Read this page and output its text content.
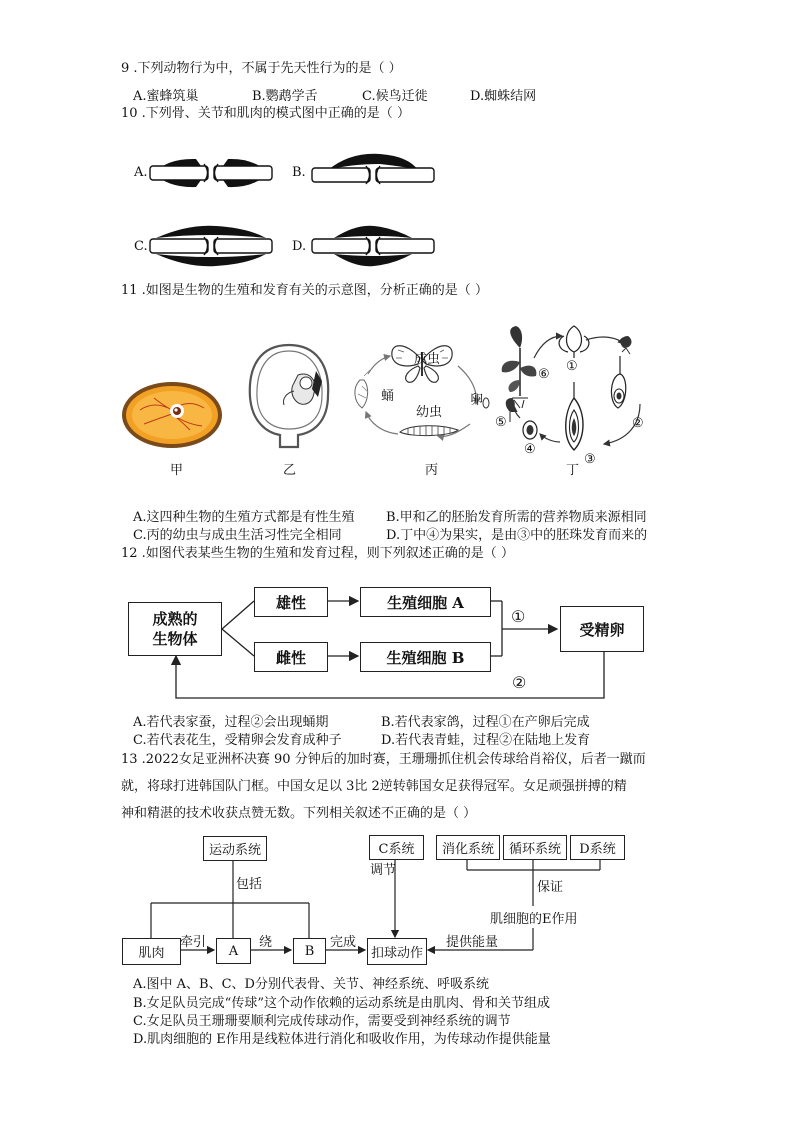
9 .下列动物行为中，不属于先天性行为的是（ ）
A.蜜蜂筑巢	B.鹦鹉学舌	C.候鸟迁徙	D.蜘蛛结网
10 .下列骨、关节和肌肉的模式图中正确的是（ ）
A.	B.
C.	D.
11 .如图是生物的生殖和发育有关的示意图，分析正确的是（ ）
甲	乙
成虫
蛹	卵
幼虫
丙
①
②
③
④
⑤
⑥
丁
A.这四种生物的生殖方式都是有性生殖 B.甲和乙的胚胎发育所需的营养物质来源相同
C.丙的幼虫与成虫生活习性完全相同	D.丁中④为果实，是由③中的胚珠发育而来的
12 .如图代表某些生物的生殖和发育过程，则下列叙述正确的是（ ）
成熟的
生物体
雄性
雌性
生殖细胞 A
生殖细胞 B
受精卵
①
②
A.若代表家蚕，过程②会出现蛹期	B.若代表家鸽，过程①在产卵后完成
C.若代表花生，受精卵会发育成种子	D.若代表青蛙，过程②在陆地上发育
13 .2022女足亚洲杯决赛 90 分钟后的加时赛，王珊珊抓住机会传球给肖裕仪，后者一蹴而
就，将球打进韩国队门框。中国女足以 3比 2逆转韩国女足获得冠军。女足顽强拼搏的精
神和精湛的技术收获点赞无数。下列相关叙述不正确的是（ ）
运动系统
包括
肌肉
牵引
A
绕
B
完成
扣球动作
C系统
调节
消化系统 循环系统 D系统
保证
肌细胞的E作用
提供能量
A.图中 A、B、C、D分别代表骨、关节、神经系统、呼吸系统
B.女足队员完成“传球”这个动作依赖的运动系统是由肌肉、骨和关节组成
C.女足队员王珊珊要顺利完成传球动作，需要受到神经系统的调节
D.肌肉细胞的 E作用是线粒体进行消化和吸收作用，为传球动作提供能量
